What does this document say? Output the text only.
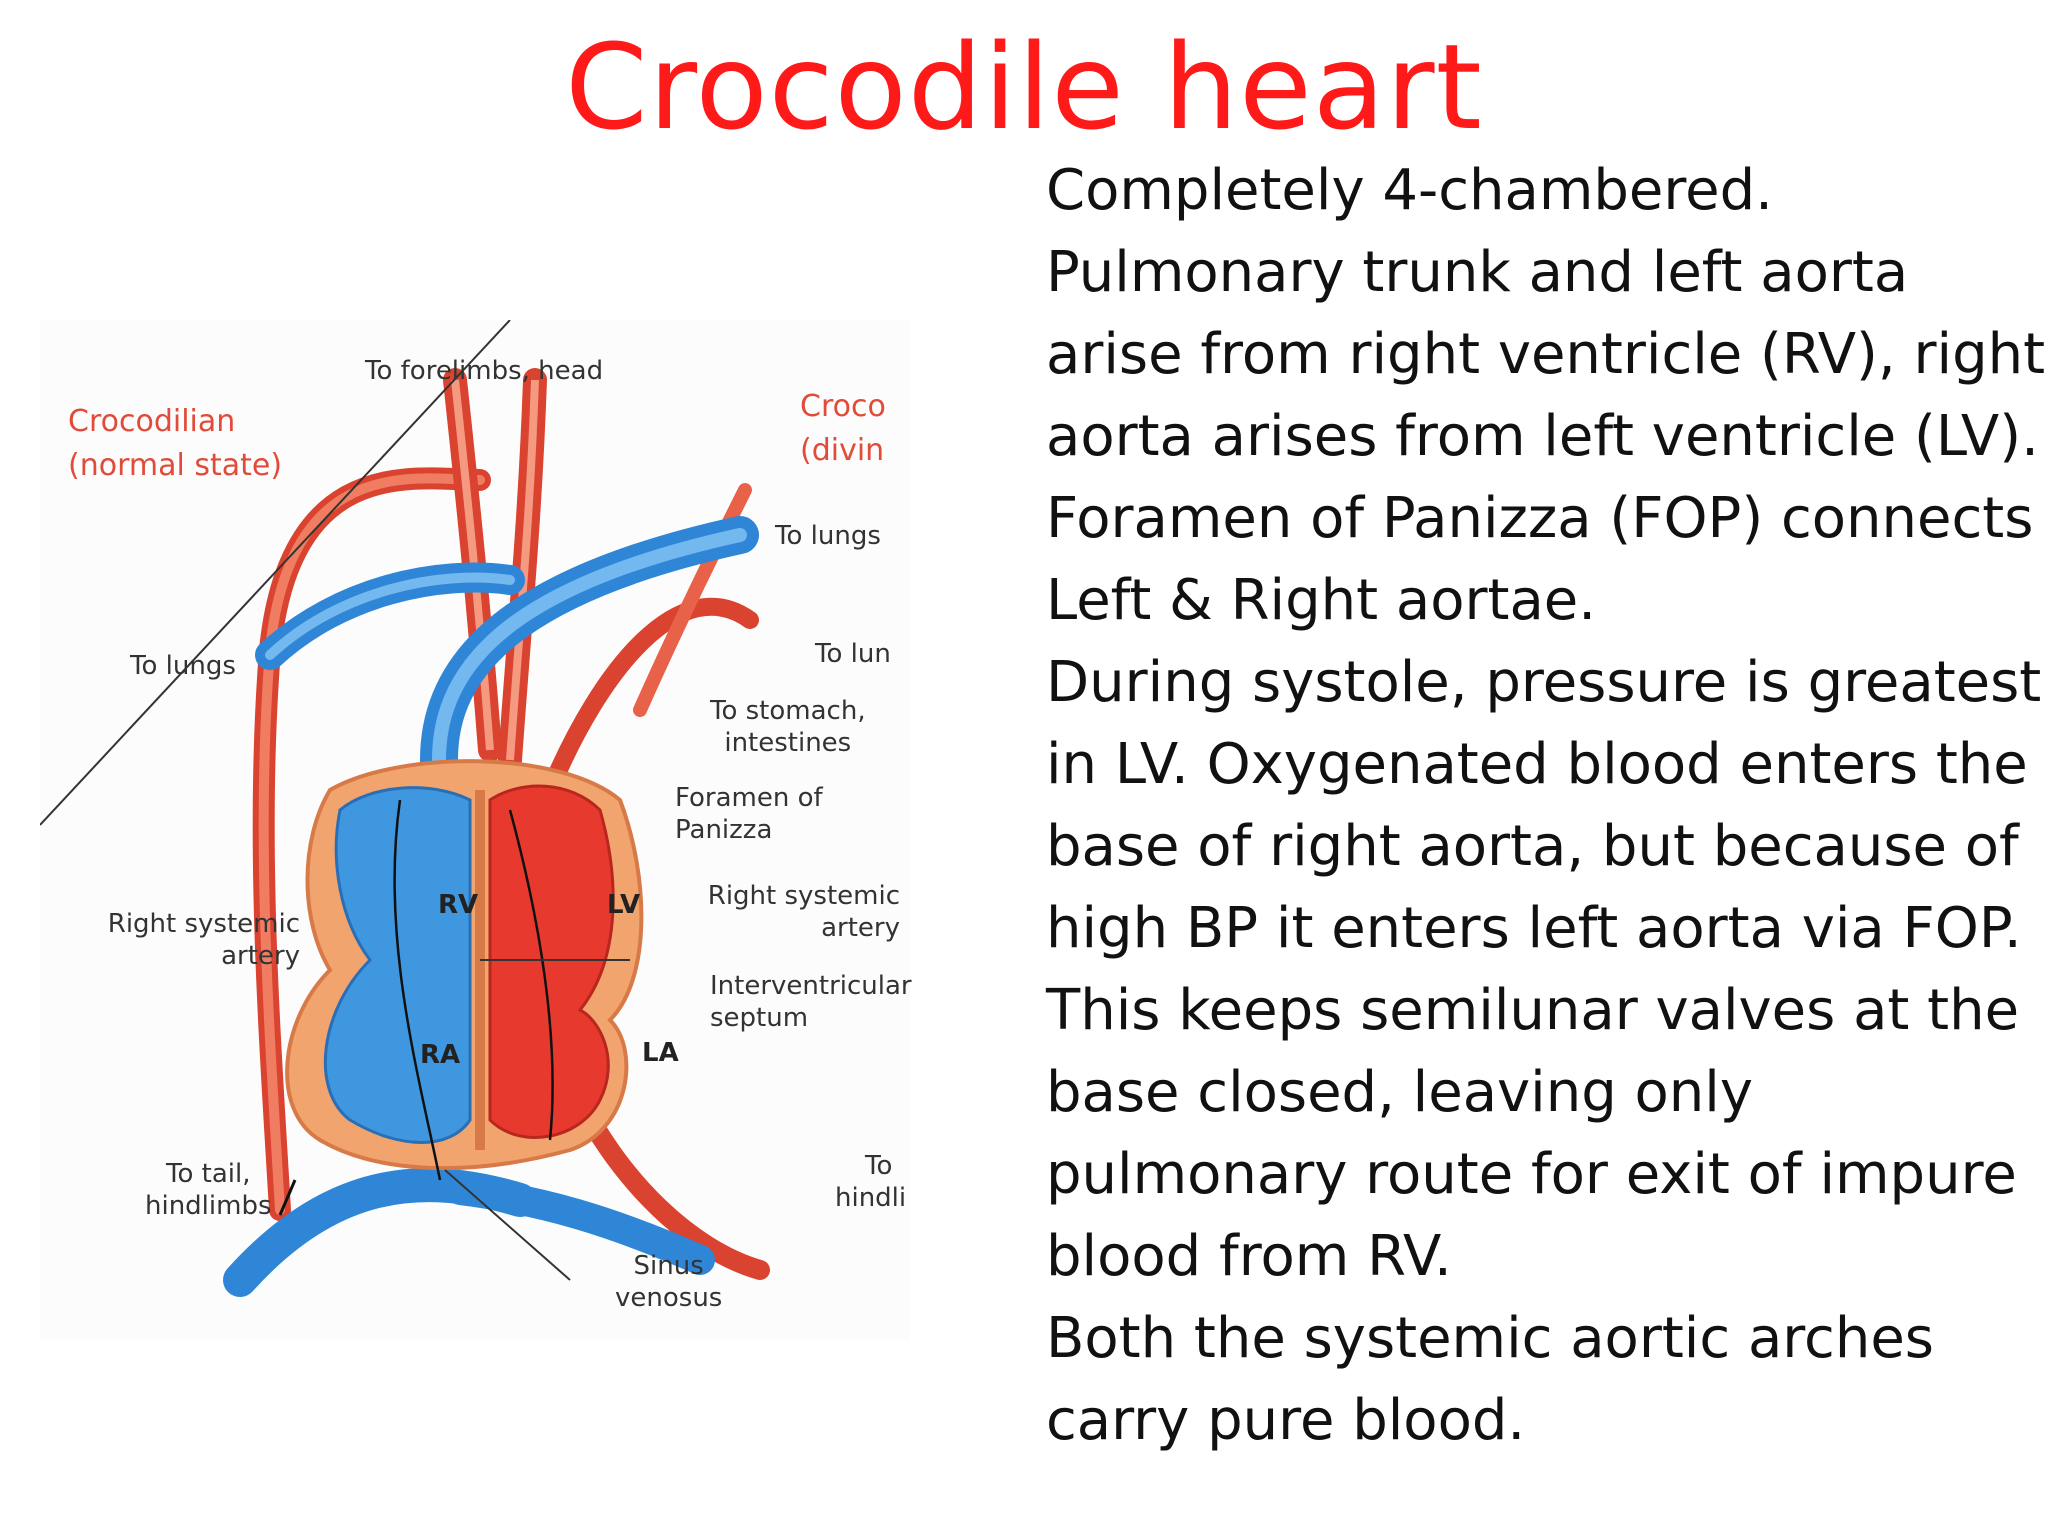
Crocodile heart
To forelimbs, head
Crocodilian
(normal state)
Croco
(divin
To lungs
To lungs	To lun
To stomach,
intestines
Foramen of
Panizza
Right systemic
artery
Right systemic
artery
Interventricular
septum
To tail,
hindlimbs
To
hindli
Sinus
venosus
RV	LV
RA	LA

Completely 4-chambered.

Pulmonary trunk and left aorta

arise from right ventricle (RV), right

aorta arises from left ventricle (LV).

Foramen of Panizza (FOP) connects

Left & Right aortae.

During systole, pressure is greatest

in LV. Oxygenated blood enters the

base of right aorta, but because of

high BP it enters left aorta via FOP.

This keeps semilunar valves at the

base closed, leaving only

pulmonary route for exit of impure

blood from RV.

Both the systemic aortic arches

carry pure blood.
